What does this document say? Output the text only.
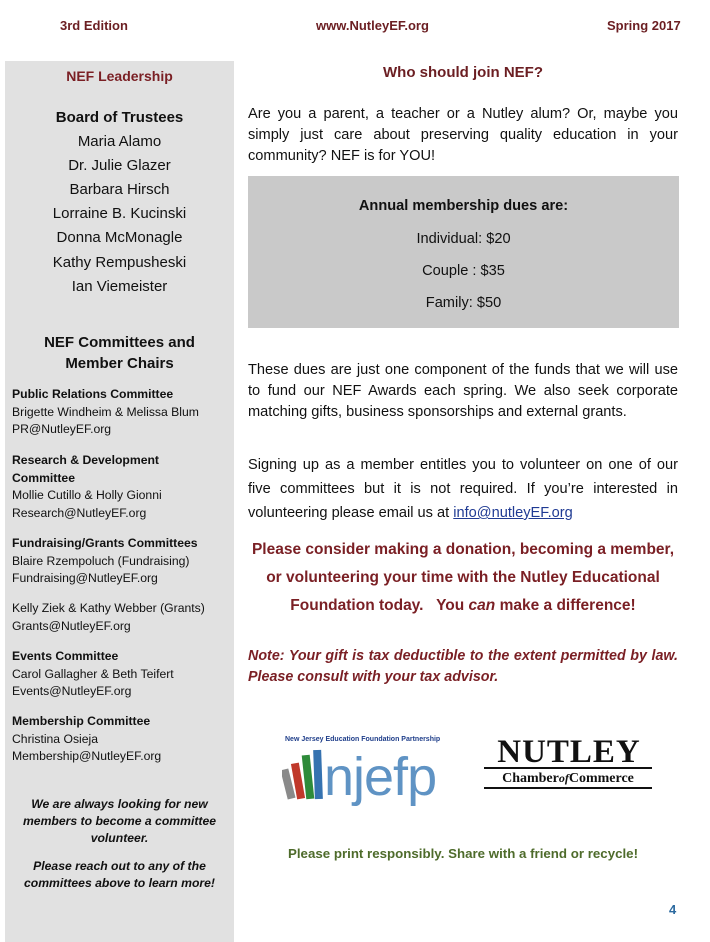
3rd Edition	www.NutleyEF.org	Spring 2017
NEF Leadership
Board of Trustees
Maria Alamo
Dr. Julie Glazer
Barbara Hirsch
Lorraine B. Kucinski
Donna McMonagle
Kathy Rempusheski
Ian Viemeister
NEF Committees and
Member Chairs
Public Relations Committee
Brigette Windheim & Melissa Blum
PR@NutleyEF.org
Research & Development
Committee
Mollie Cutillo & Holly Gionni
Research@NutleyEF.org
Fundraising/Grants Committees
Blaire Rzempoluch (Fundraising)
Fundraising@NutleyEF.org
Kelly Ziek & Kathy Webber (Grants)
Grants@NutleyEF.org
Events Committee
Carol Gallagher & Beth Teifert
Events@NutleyEF.org
Membership Committee
Christina Osieja
Membership@NutleyEF.org
We are always looking for new members to become a committee volunteer.
Please reach out to any of the committees above to learn more!
Who should join NEF?
Are you a parent, a teacher or a Nutley alum? Or, maybe you simply just care about preserving quality education in your community? NEF is for YOU!
Annual membership dues are:
Individual: $20
Couple : $35
Family: $50
These dues are just one component of the funds that we will use to fund our NEF Awards each spring. We also seek corporate matching gifts, business sponsorships and external grants.
Signing up as a member entitles you to volunteer on one of our five committees but it is not required. If you’re interested in volunteering please email us at info@nutleyEF.org
Please consider making a donation, becoming a member,
or volunteering your time with the Nutley Educational
Foundation today.   You can make a difference!
Note: Your gift is tax deductible to the extent permitted by law. Please consult with your tax advisor.
New Jersey Education Foundation Partnership
njefp	NUTLEY
ChamberofCommerce
Please print responsibly. Share with a friend or recycle!
4
